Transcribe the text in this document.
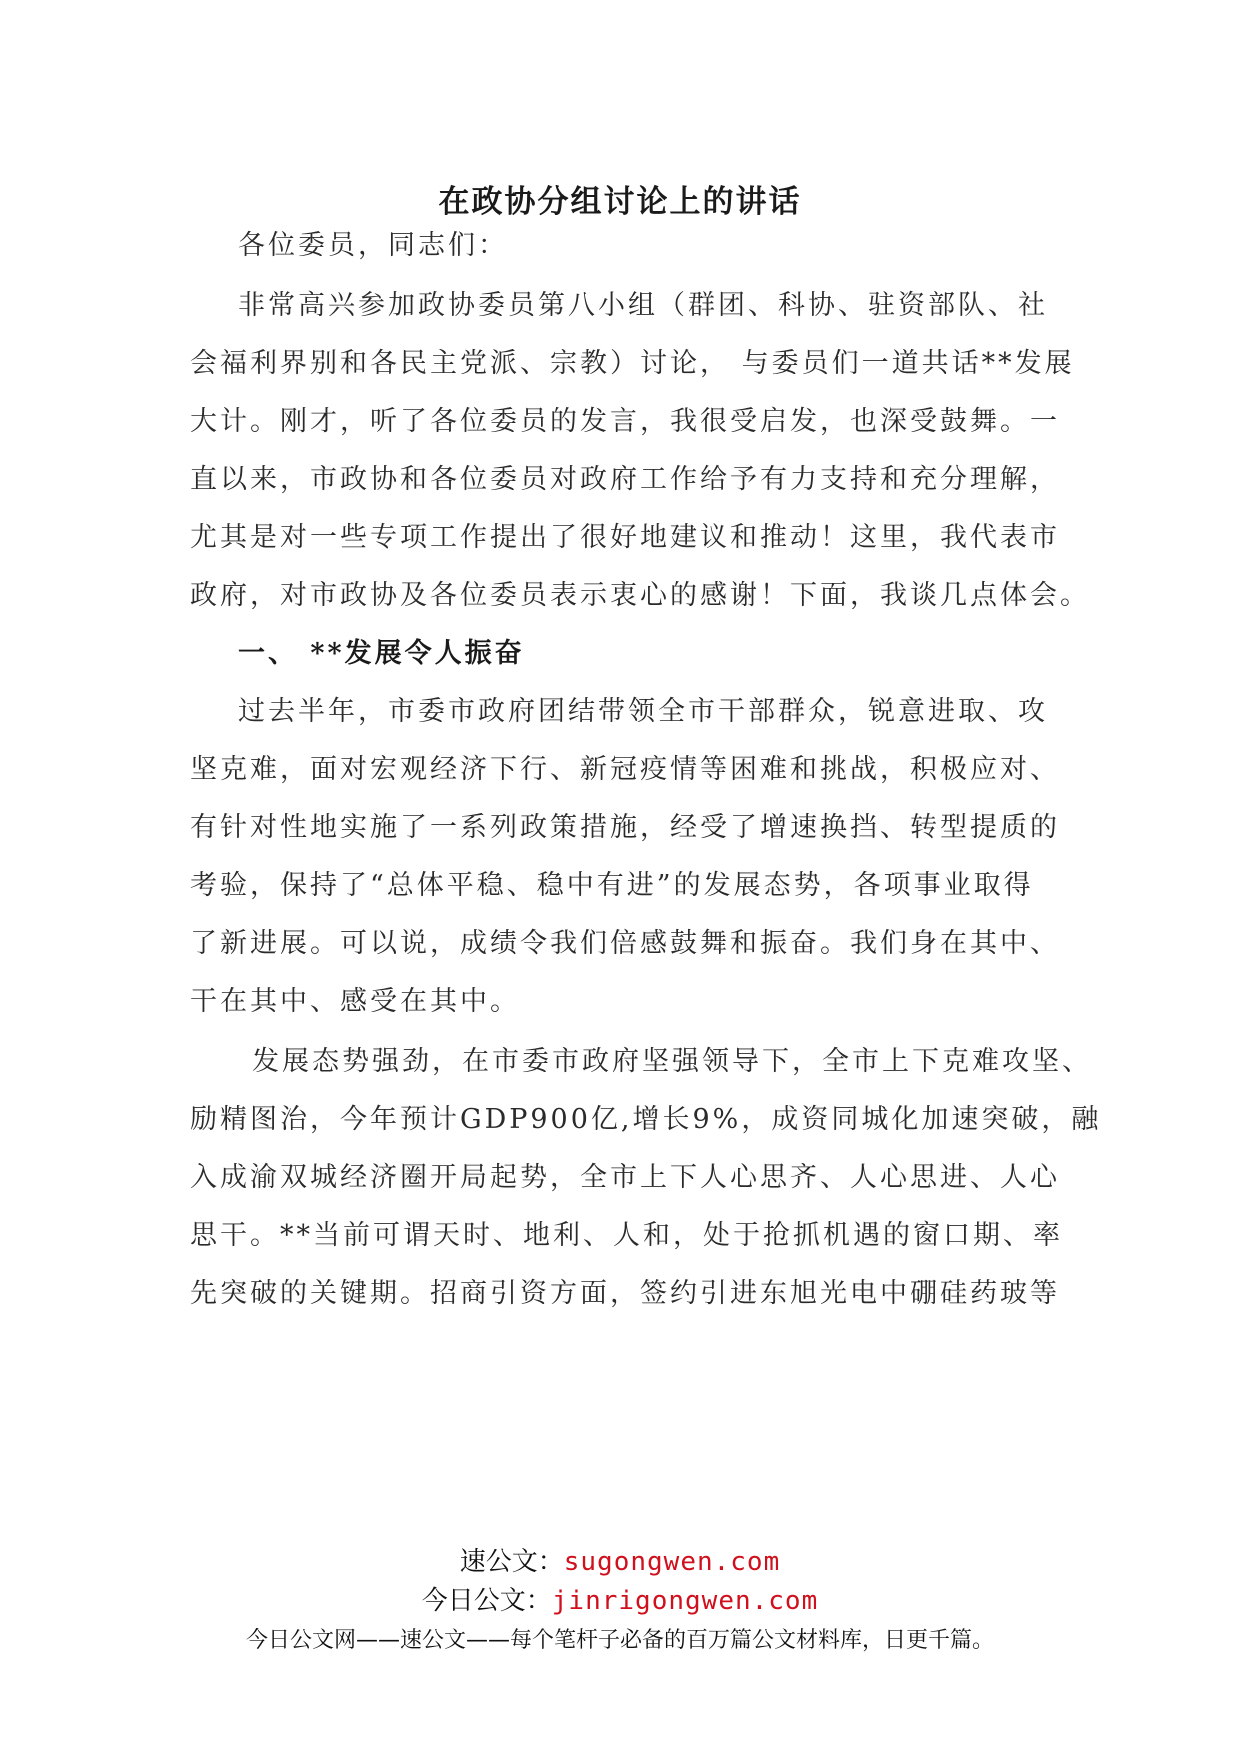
在政协分组讨论上的讲话

各位委员，同志们：

非常高兴参加政协委员第八小组（群团、科协、驻资部队、社

会福利界别和各民主党派、宗教）讨论， 与委员们一道共话**发展

大计。刚才，听了各位委员的发言，我很受启发，也深受鼓舞。一

直以来，市政协和各位委员对政府工作给予有力支持和充分理解，

尤其是对一些专项工作提出了很好地建议和推动！这里，我代表市

政府，对市政协及各位委员表示衷心的感谢！下面，我谈几点体会。

一、 **发展令人振奋

过去半年，市委市政府团结带领全市干部群众，锐意进取、攻

坚克难，面对宏观经济下行、新冠疫情等困难和挑战，积极应对、

有针对性地实施了一系列政策措施，经受了增速换挡、转型提质的

考验，保持了“总体平稳、稳中有进”的发展态势，各项事业取得

了新进展。可以说，成绩令我们倍感鼓舞和振奋。我们身在其中、

干在其中、感受在其中。

发展态势强劲，在市委市政府坚强领导下，全市上下克难攻坚、

励精图治，今年预计GDP900亿,增长9%，成资同城化加速突破，融

入成渝双城经济圈开局起势，全市上下人心思齐、人心思进、人心

思干。**当前可谓天时、地利、人和，处于抢抓机遇的窗口期、率

先突破的关键期。招商引资方面，签约引进东旭光电中硼硅药玻等

速公文：sugongwen.com

今日公文：jinrigongwen.com

今日公文网——速公文——每个笔杆子必备的百万篇公文材料库，日更千篇。
